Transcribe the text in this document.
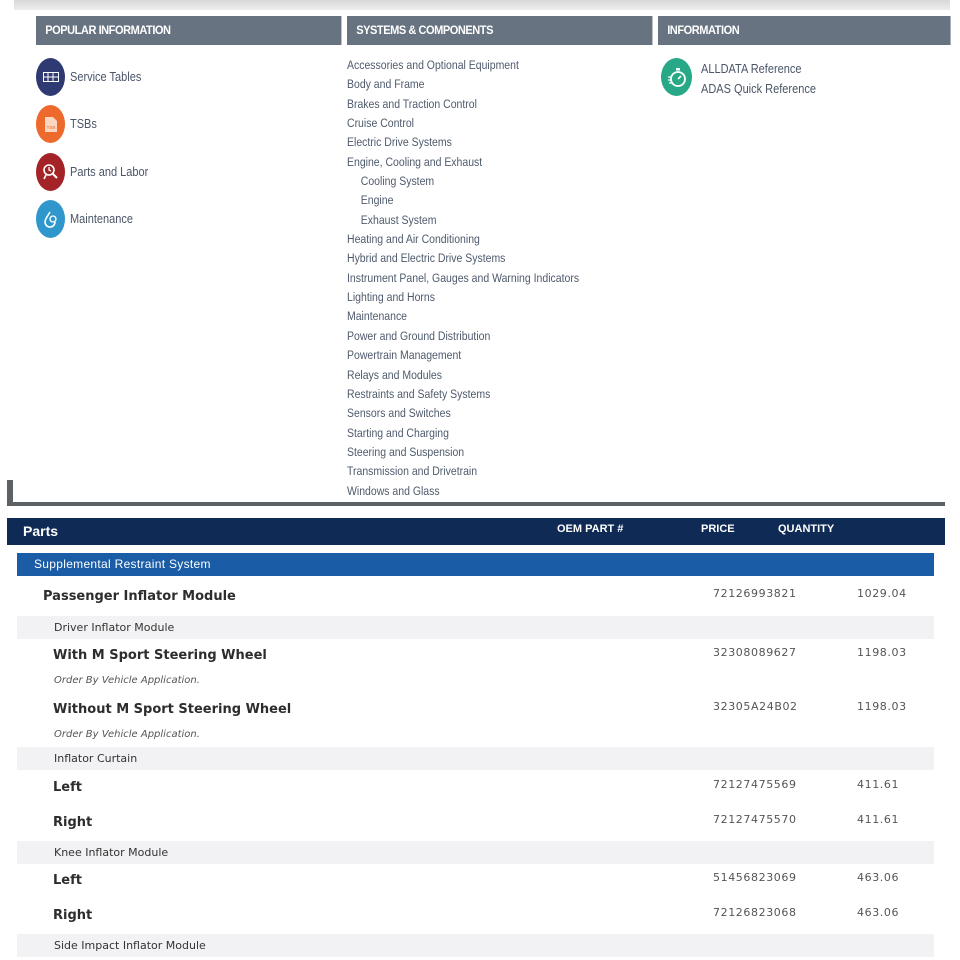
POPULAR INFORMATION
Service Tables
TSB TSBs
Parts and Labor
Maintenance
SYSTEMS & COMPONENTS
Accessories and Optional Equipment
Body and Frame
Brakes and Traction Control
Cruise Control
Electric Drive Systems
Engine, Cooling and Exhaust
Cooling System
Engine
Exhaust System
Heating and Air Conditioning
Hybrid and Electric Drive Systems
Instrument Panel, Gauges and Warning Indicators
Lighting and Horns
Maintenance
Power and Ground Distribution
Powertrain Management
Relays and Modules
Restraints and Safety Systems
Sensors and Switches
Starting and Charging
Steering and Suspension
Transmission and Drivetrain
Windows and Glass
INFORMATION
ALLDATA Reference
ADAS Quick Reference
Parts	OEM PART #	PRICE	QUANTITY
Supplemental Restraint System
Passenger Inflator Module	72126993821	1029.04
Driver Inflator Module
With M Sport Steering Wheel	32308089627	1198.03
Order By Vehicle Application.
Without M Sport Steering Wheel	32305A24B02	1198.03
Order By Vehicle Application.
Inflator Curtain
Left	72127475569	411.61
Right	72127475570	411.61
Knee Inflator Module
Left	51456823069	463.06
Right	72126823068	463.06
Side Impact Inflator Module
